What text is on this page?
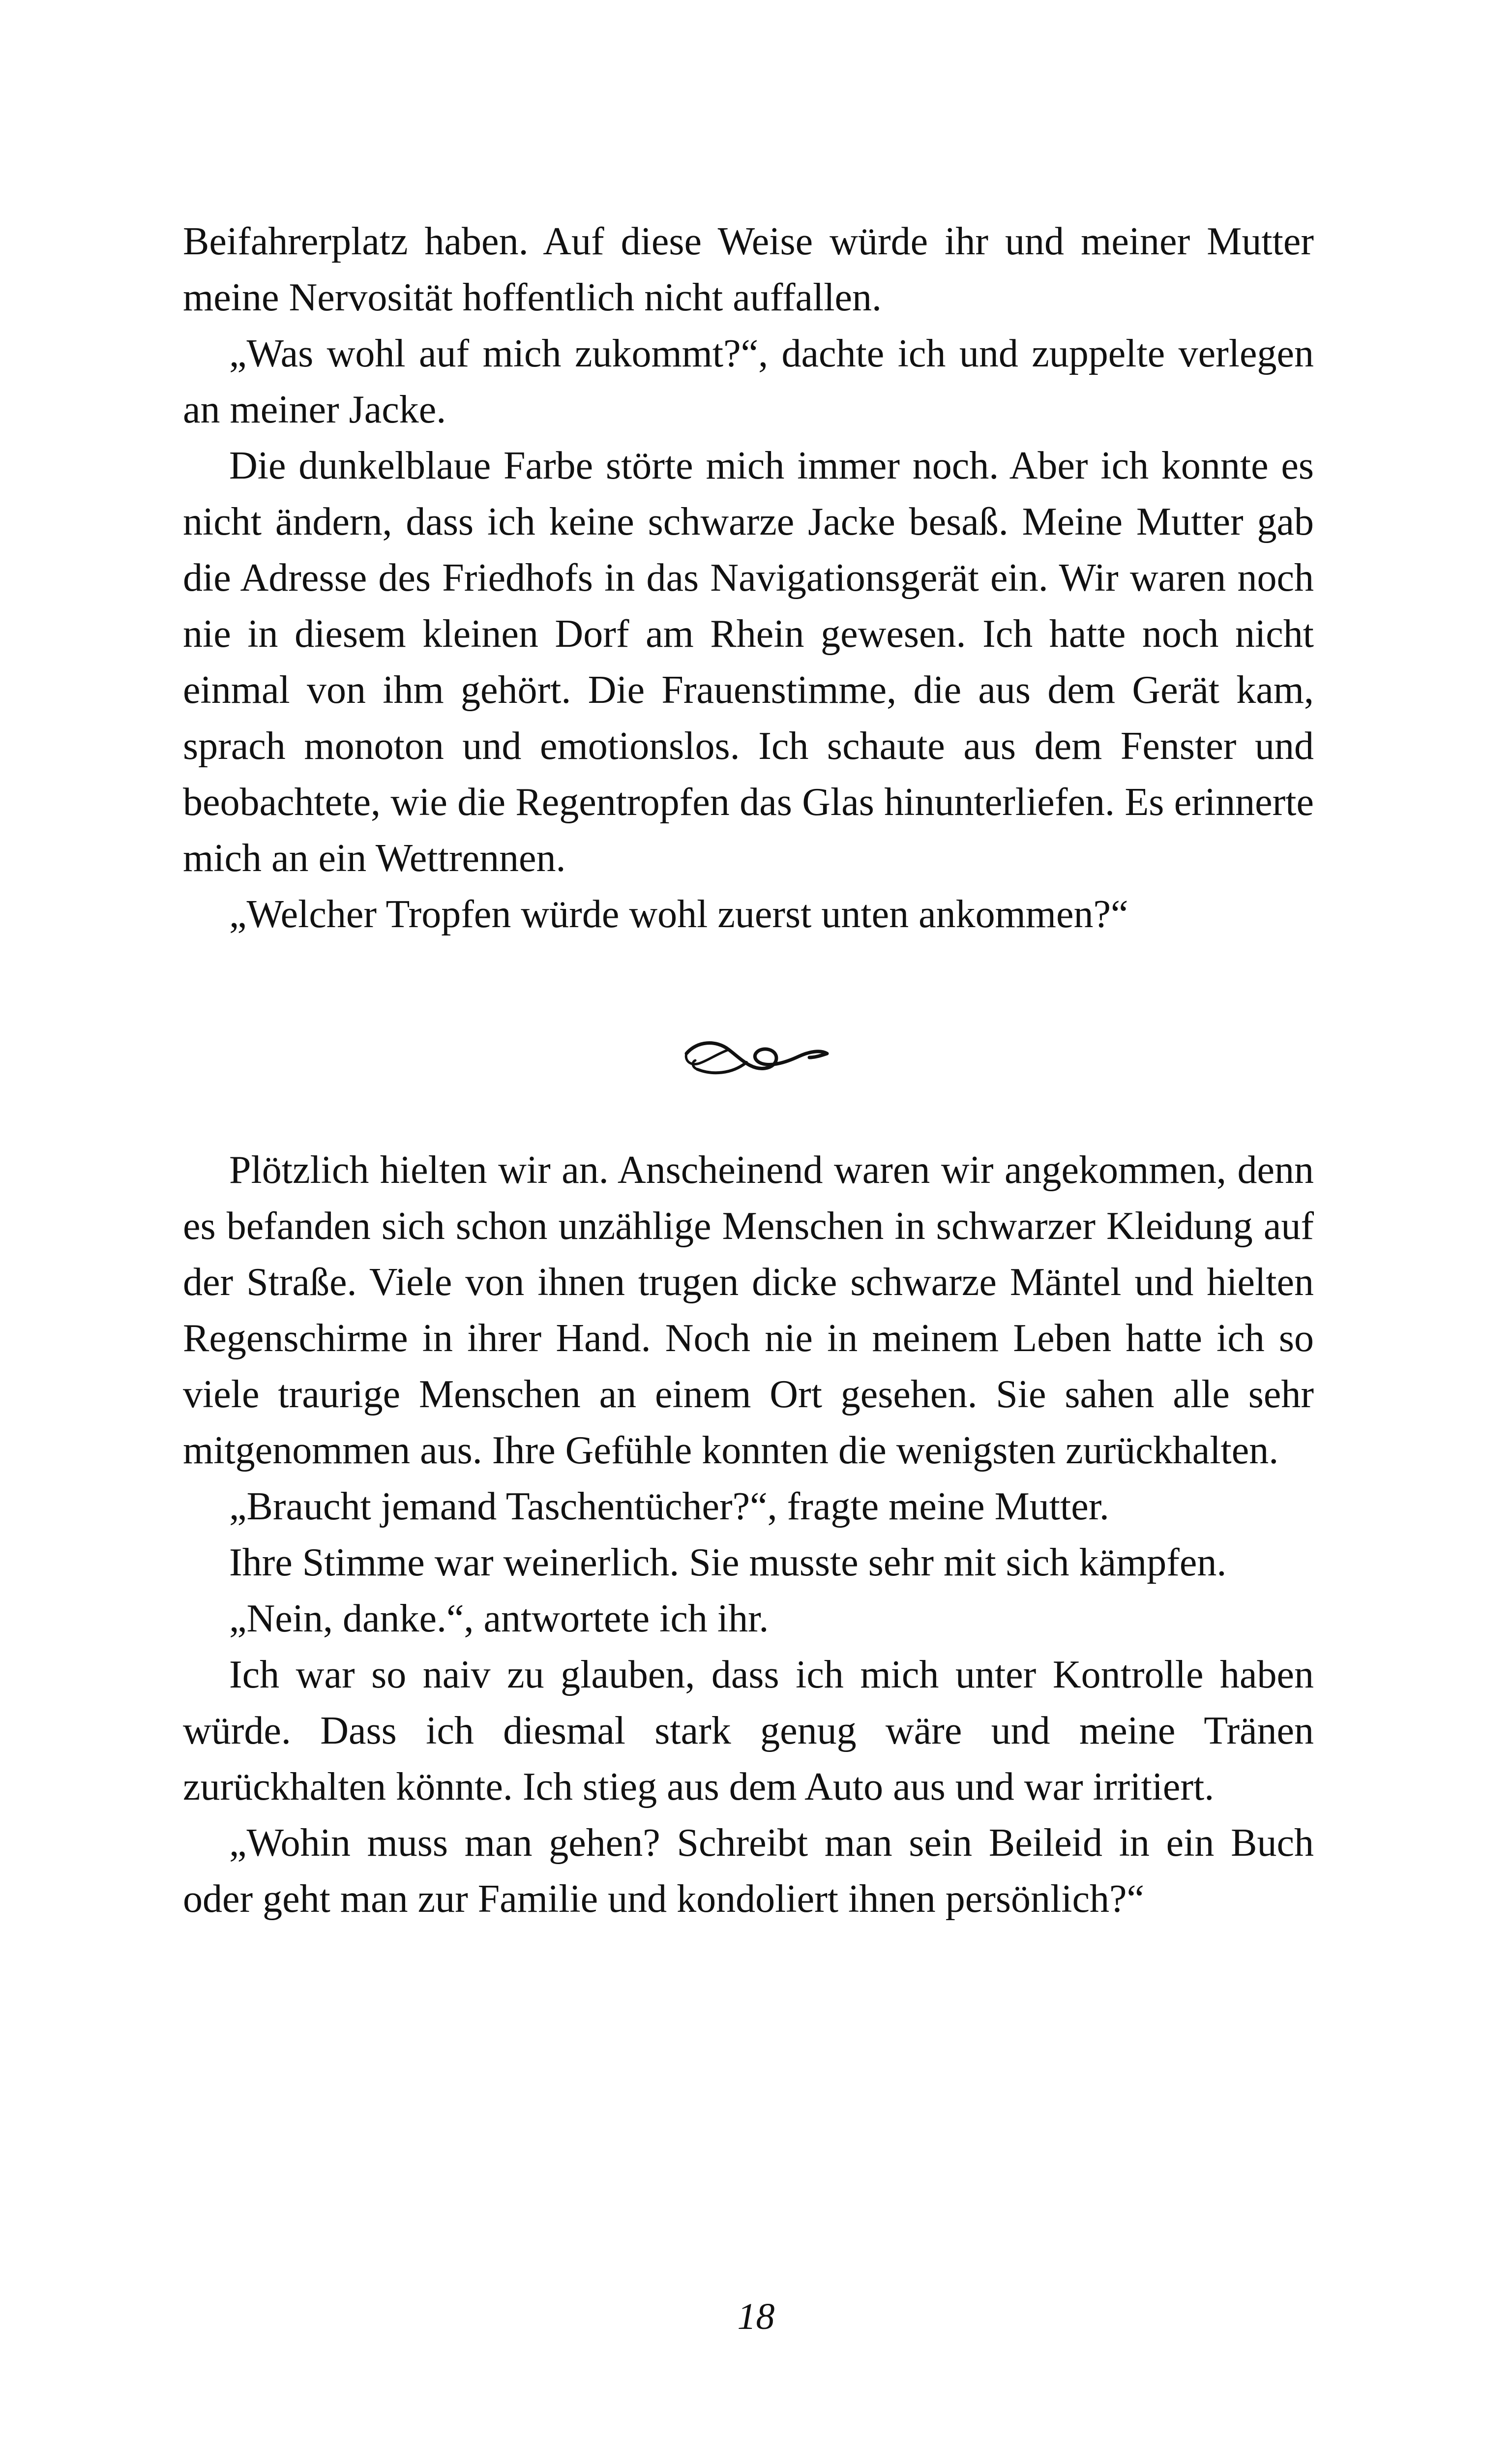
Beifahrerplatz haben. Auf diese Weise würde ihr und meiner Mutter meine Nervosität hoffentlich nicht auffallen.

„Was wohl auf mich zukommt?“, dachte ich und zuppelte verlegen an meiner Jacke.

Die dunkelblaue Farbe störte mich immer noch. Aber ich konnte es nicht ändern, dass ich keine schwarze Jacke besaß. Meine Mutter gab die Adresse des Friedhofs in das Navigationsgerät ein. Wir waren noch nie in diesem kleinen Dorf am Rhein gewesen. Ich hatte noch nicht einmal von ihm gehört. Die Frauenstimme, die aus dem Gerät kam, sprach monoton und emotionslos. Ich schaute aus dem Fenster und beobachtete, wie die Regentropfen das Glas hinunterliefen. Es erinnerte mich an ein Wettrennen.

„Welcher Tropfen würde wohl zuerst unten ankommen?“

Plötzlich hielten wir an. Anscheinend waren wir angekommen, denn es befanden sich schon unzählige Menschen in schwarzer Kleidung auf der Straße. Viele von ihnen trugen dicke schwarze Mäntel und hielten Regenschirme in ihrer Hand. Noch nie in meinem Leben hatte ich so viele traurige Menschen an einem Ort gesehen. Sie sahen alle sehr mitgenommen aus. Ihre Gefühle konnten die wenigsten zurückhalten.

„Braucht jemand Taschentücher?“, fragte meine Mutter.

Ihre Stimme war weinerlich. Sie musste sehr mit sich kämpfen.

„Nein, danke.“, antwortete ich ihr.

Ich war so naiv zu glauben, dass ich mich unter Kontrolle haben würde. Dass ich diesmal stark genug wäre und meine Tränen zurückhalten könnte. Ich stieg aus dem Auto aus und war irritiert.

„Wohin muss man gehen? Schreibt man sein Beileid in ein Buch oder geht man zur Familie und kondoliert ihnen persönlich?“

18
